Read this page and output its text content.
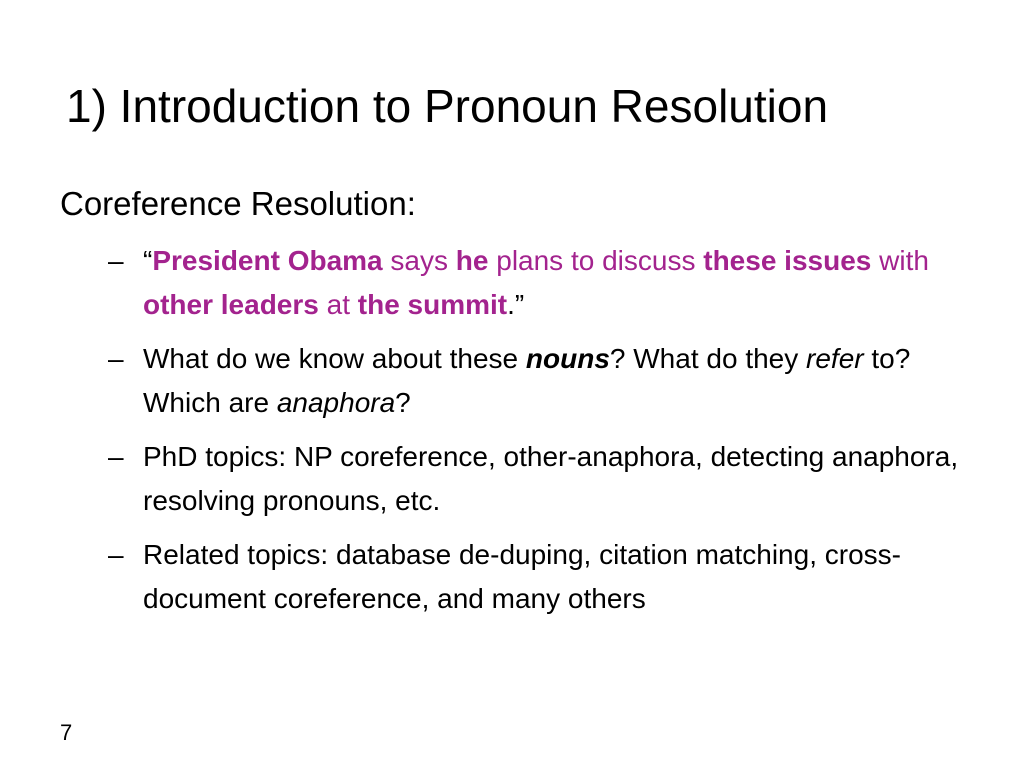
1) Introduction to Pronoun Resolution
Coreference Resolution:
– “President Obama says he plans to discuss these issues with other leaders at the summit.”
– What do we know about these nouns? What do they refer to? Which are anaphora?
– PhD topics: NP coreference, other-anaphora, detecting anaphora, resolving pronouns, etc.
– Related topics: database de-duping, citation matching, cross-document coreference, and many others
7
